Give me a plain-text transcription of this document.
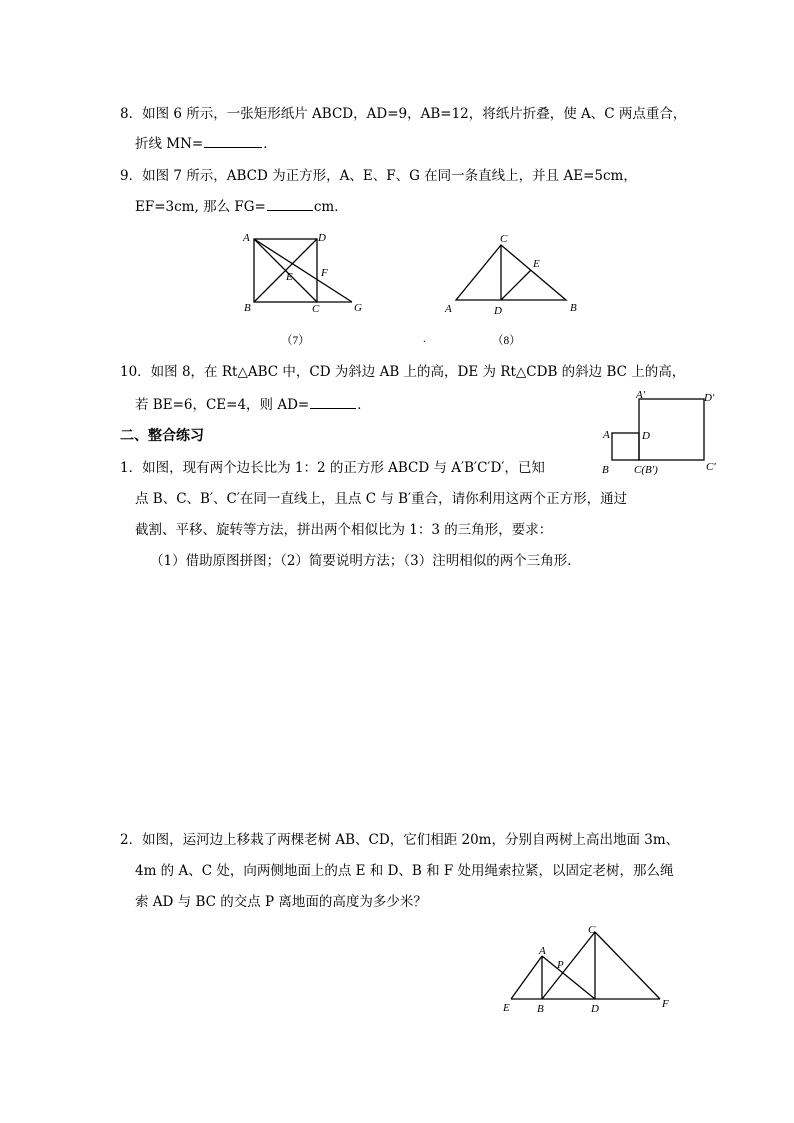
8．如图 6 所示，一张矩形纸片 ABCD，AD=9，AB=12，将纸片折叠，使 A、C 两点重合，
折线 MN=	．
9．如图 7 所示，ABCD 为正方形，A、E、F、G 在同一条直线上，并且 AE=5cm，
EF=3cm, 那么 FG=	cm．
A	D
E	F
B	C	G
（7）
C
E
A	D	B
（8）
.
10．如图 8，在 Rt△ABC 中，CD 为斜边 AB 上的高，DE 为 Rt△CDB 的斜边 BC 上的高，
若 BE=6，CE=4，则 AD=	．
二、整合练习
A′	D′
A	D
B C(B′)	C′
1．如图，现有两个边长比为 1：2 的正方形 ABCD 与 A′B′C′D′，已知
点 B、C、B′、C′在同一直线上，且点 C 与 B′重合，请你利用这两个正方形，通过
截割、平移、旋转等方法，拼出两个相似比为 1：3 的三角形，要求：
（1）借助原图拼图；（2）简要说明方法；（3）注明相似的两个三角形．
2．如图，运河边上移栽了两棵老树 AB、CD，它们相距 20m，分别自两树上高出地面 3m、
4m 的 A、C 处，向两侧地面上的点 E 和 D、B 和 F 处用绳索拉紧，以固定老树，那么绳
索 AD 与 BC 的交点 P 离地面的高度为多少米？
C
A
P
E B	D	F
